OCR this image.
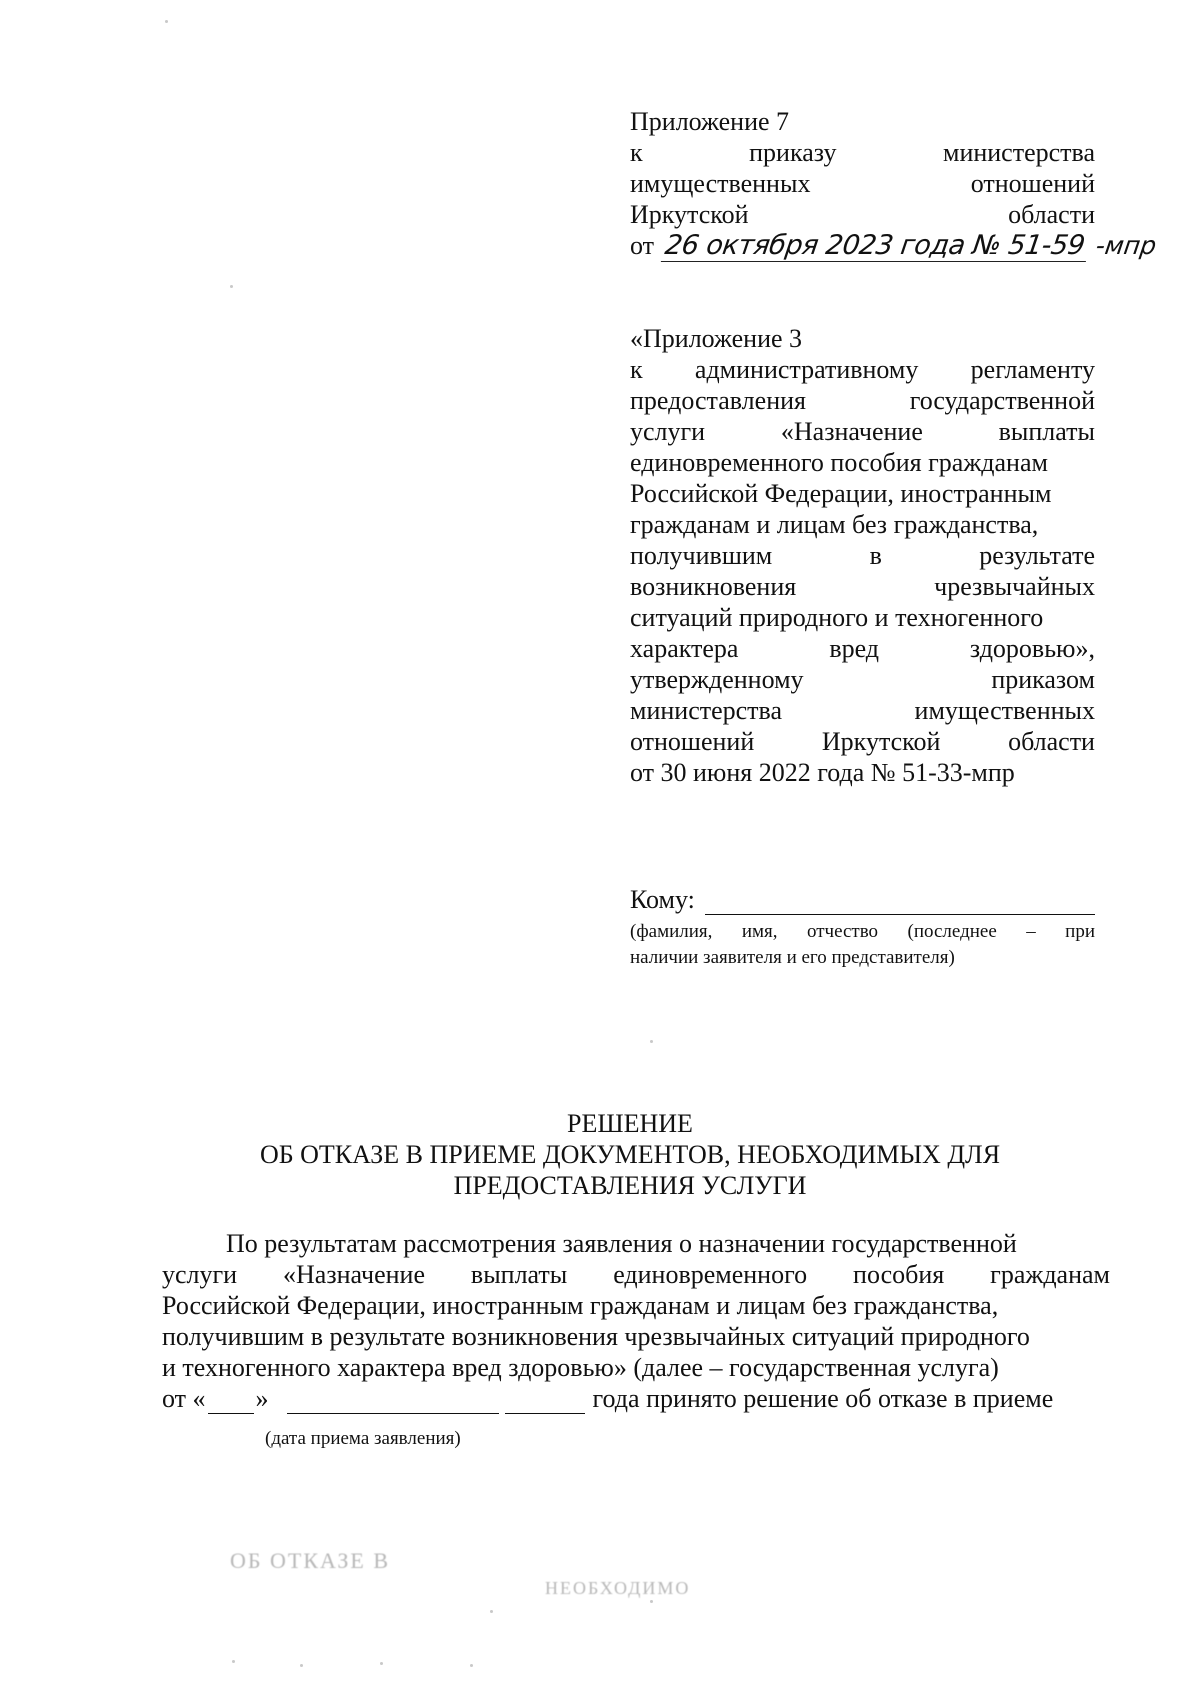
Приложение 7
к	приказу	министерства
имущественных	отношений
Иркутской	области
от 26 октября 2023 года № 51-59 -мпр
«Приложение 3
к административному регламенту
предоставления	государственной
услуги	«Назначение	выплаты
единовременного пособия гражданам
Российской Федерации, иностранным
гражданам и лицам без гражданства,
получившим	в	результате
возникновения	чрезвычайных
ситуаций природного и техногенного
характера	вред	здоровью»,
утвержденному	приказом
министерства	имущественных
отношений	Иркутской	области
от 30 июня 2022 года № 51-33-мпр
Кому:
(фамилия, имя, отчество (последнее – при
наличии заявителя и его представителя)
РЕШЕНИЕ
ОБ ОТКАЗЕ В ПРИЕМЕ ДОКУМЕНТОВ, НЕОБХОДИМЫХ ДЛЯ
ПРЕДОСТАВЛЕНИЯ УСЛУГИ
По результатам рассмотрения заявления о назначении государственной
услуги «Назначение выплаты единовременного пособия гражданам
Российской Федерации, иностранным гражданам и лицам без гражданства,
получившим в результате возникновения чрезвычайных ситуаций природного
и техногенного характера вред здоровью» (далее – государственная услуга)
от « »	года принято решение об отказе в приеме
(дата приема заявления)
ОБ ОТКАЗЕ В
НЕОБХОДИМО
